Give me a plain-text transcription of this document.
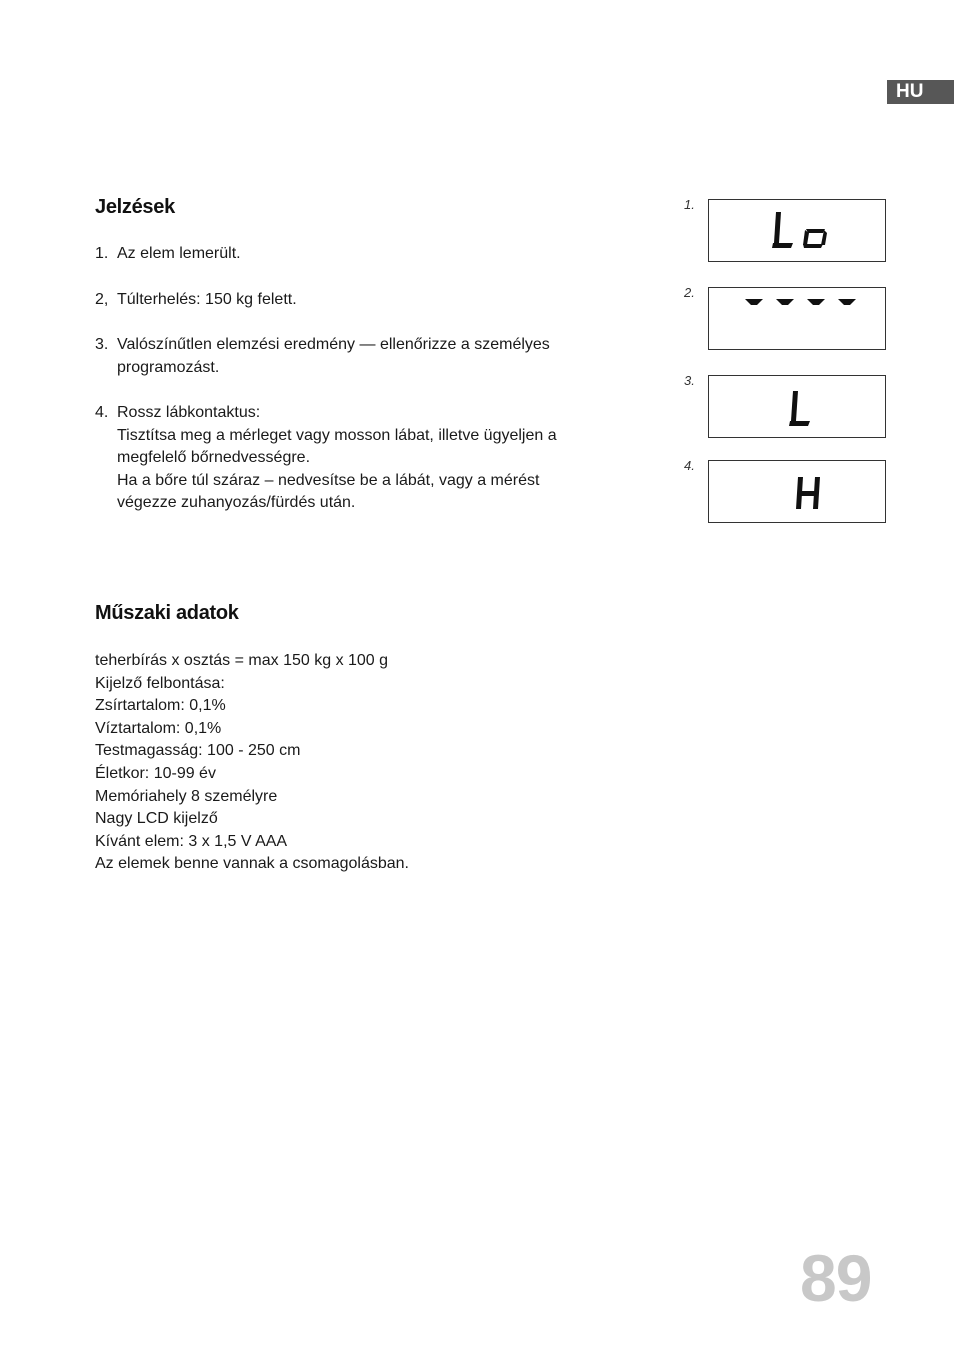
HU
Jelzések
1. Az elem lemerült.
2, Túlterhelés: 150 kg felett.
3. Valószínűtlen elemzési eredmény — ellenőrizze a személyes
programozást.
4. Rossz lábkontaktus:
Tisztítsa meg a mérleget vagy mosson lábat, illetve ügyeljen a
megfelelő bőrnedvességre.
Ha a bőre túl száraz – nedvesítse be a lábát, vagy a mérést
végezze zuhanyozás/fürdés után.
1.
2.
3.
4.
Műszaki adatok
teherbírás x osztás = max 150 kg x 100 g
Kijelző felbontása:
Zsírtartalom: 0,1%
Víztartalom: 0,1%
Testmagasság: 100 - 250 cm
Életkor: 10-99 év
Memóriahely 8 személyre
Nagy LCD kijelző
Kívánt elem: 3 x 1,5 V AAA
Az elemek benne vannak a csomagolásban.
89
